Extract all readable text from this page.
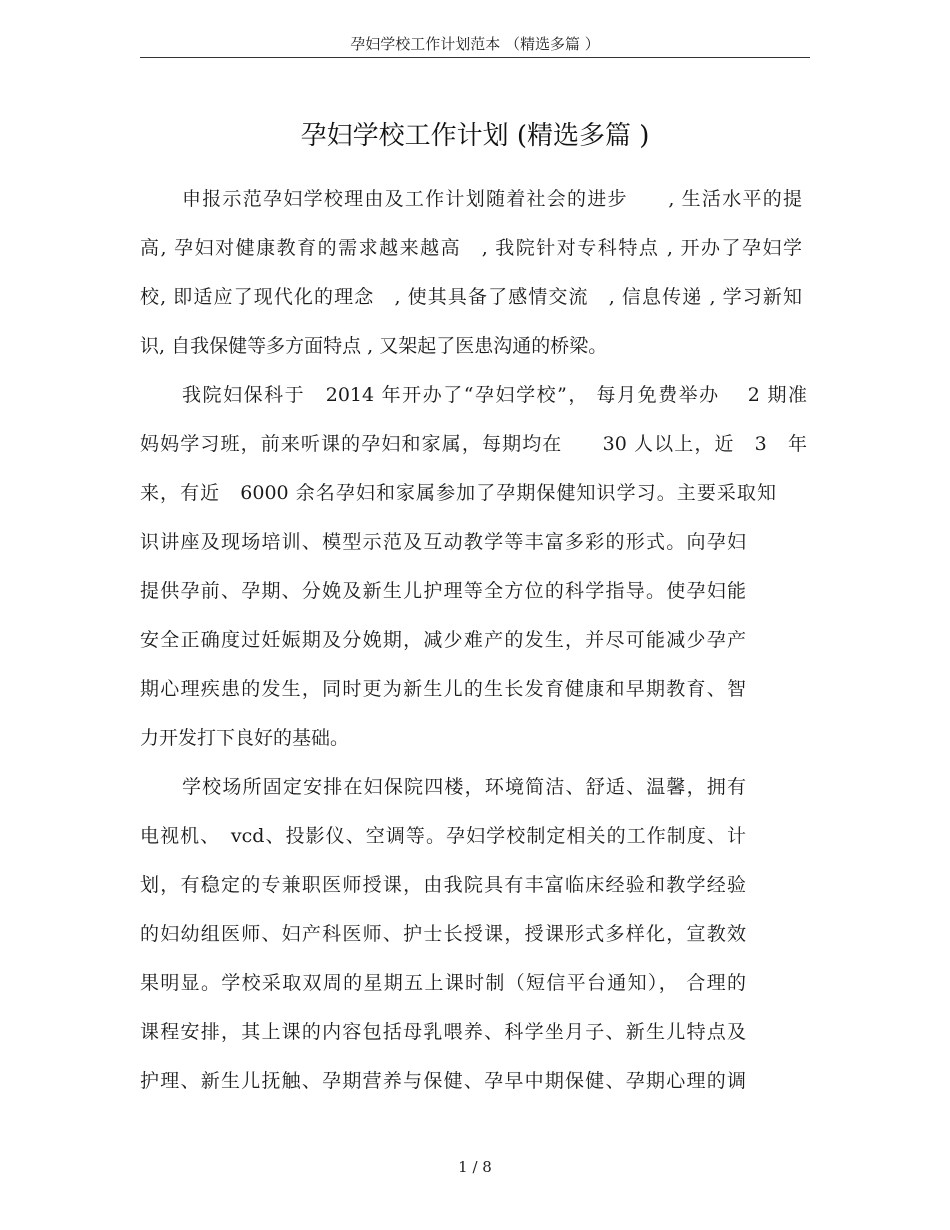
孕妇学校工作计划范本 （精选多篇 ）
孕妇学校工作计划 (精选多篇 )
申报示范孕妇学校理由及工作计划随着社会的进步　　, 生活水平的提
高, 孕妇对健康教育的需求越来越高　, 我院针对专科特点 , 开办了孕妇学
校, 即适应了现代化的理念　, 使其具备了感情交流　, 信息传递 , 学习新知
识, 自我保健等多方面特点 , 又架起了医患沟通的桥梁。
我院妇保科于　2014 年开办了“孕妇学校”， 每月免费举办　 2 期准
妈妈学习班，前来听课的孕妇和家属，每期均在　　30 人以上，近　3　年
来，有近　6000 余名孕妇和家属参加了孕期保健知识学习。主要采取知
识讲座及现场培训、模型示范及互动教学等丰富多彩的形式。向孕妇
提供孕前、孕期、分娩及新生儿护理等全方位的科学指导。使孕妇能
安全正确度过妊娠期及分娩期，减少难产的发生，并尽可能减少孕产
期心理疾患的发生，同时更为新生儿的生长发育健康和早期教育、智
力开发打下良好的基础。
学校场所固定安排在妇保院四楼，环境简洁、舒适、温馨，拥有
电视机、　vcd、投影仪、空调等。孕妇学校制定相关的工作制度、计
划，有稳定的专兼职医师授课，由我院具有丰富临床经验和教学经验
的妇幼组医师、妇产科医师、护士长授课，授课形式多样化，宣教效
果明显。学校采取双周的星期五上课时制（短信平台通知）， 合理的
课程安排，其上课的内容包括母乳喂养、科学坐月子、新生儿特点及
护理、新生儿抚触、孕期营养与保健、孕早中期保健、孕期心理的调
1 / 8
